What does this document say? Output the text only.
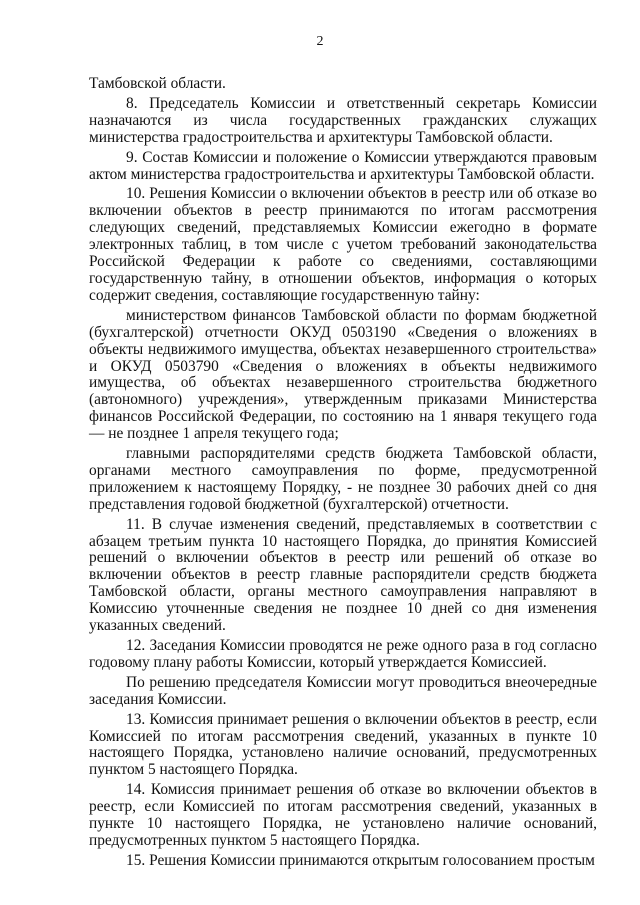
2

Тамбовской области.

8. Председатель Комиссии и ответственный секретарь Комиссии назначаются из числа государственных гражданских служащих министерства градостроительства и архитектуры Тамбовской области.

9. Состав Комиссии и положение о Комиссии утверждаются правовым актом министерства градостроительства и архитектуры Тамбовской области.

10. Решения Комиссии о включении объектов в реестр или об отказе во включении объектов в реестр принимаются по итогам рассмотрения следующих сведений, представляемых Комиссии ежегодно в формате электронных таблиц, в том числе с учетом требований законодательства Российской Федерации к работе со сведениями, составляющими государственную тайну, в отношении объектов, информация о которых содержит сведения, составляющие государственную тайну:

министерством финансов Тамбовской области по формам бюджетной (бухгалтерской) отчетности ОКУД 0503190 «Сведения о вложениях в объекты недвижимого имущества, объектах незавершенного строительства» и ОКУД 0503790 «Сведения о вложениях в объекты недвижимого имущества, об объектах незавершенного строительства бюджетного (автономного) учреждения», утвержденным приказами Министерства финансов Российской Федерации, по состоянию на 1 января текущего года — не позднее 1 апреля текущего года;

главными распорядителями средств бюджета Тамбовской области, органами местного самоуправления по форме, предусмотренной приложением к настоящему Порядку, - не позднее 30 рабочих дней со дня представления годовой бюджетной (бухгалтерской) отчетности.

11. В случае изменения сведений, представляемых в соответствии с абзацем третьим пункта 10 настоящего Порядка, до принятия Комиссией решений о включении объектов в реестр или решений об отказе во включении объектов в реестр главные распорядители средств бюджета Тамбовской области, органы местного самоуправления направляют в Комиссию уточненные сведения не позднее 10 дней со дня изменения указанных сведений.

12. Заседания Комиссии проводятся не реже одного раза в год согласно годовому плану работы Комиссии, который утверждается Комиссией.

По решению председателя Комиссии могут проводиться внеочередные заседания Комиссии.

13. Комиссия принимает решения о включении объектов в реестр, если Комиссией по итогам рассмотрения сведений, указанных в пункте 10 настоящего Порядка, установлено наличие оснований, предусмотренных пунктом 5 настоящего Порядка.

14. Комиссия принимает решения об отказе во включении объектов в реестр, если Комиссией по итогам рассмотрения сведений, указанных в пункте 10 настоящего Порядка, не установлено наличие оснований, предусмотренных пунктом 5 настоящего Порядка.

15. Решения Комиссии принимаются открытым голосованием простым
